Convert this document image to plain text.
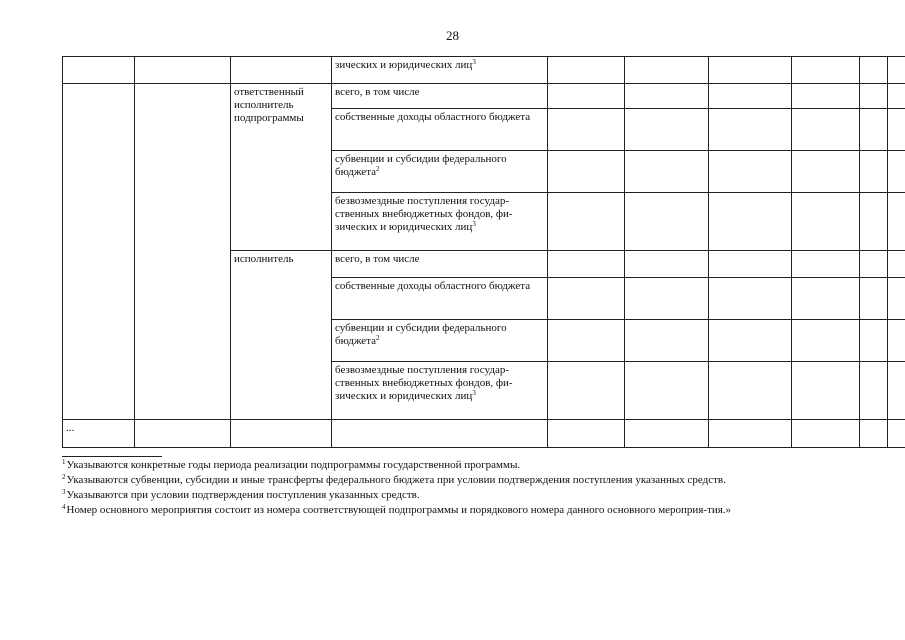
28
			зических и юридических лиц$^3$						
		ответственный исполнитель подпрограммы	всего, в том числе						
			собственные доходы областного бюджета						
			субвенции и субсидии федерального бюджета$^2$						
			безвозмездные поступления государ-ственных внебюджетных фондов, фи-зических и юридических лиц$^3$						
		исполнитель	всего, в том числе						
			собственные доходы областного бюджета						
			субвенции и субсидии федерального бюджета$^2$						
			безвозмездные поступления государ-ственных внебюджетных фондов, фи-зических и юридических лиц$^3$						
...									

$^1$Указываются конкретные годы периода реализации подпрограммы государственной программы.

$^2$Указываются субвенции, субсидии и иные трансферты федерального бюджета при условии подтверждения поступления указанных средств.

$^3$Указываются при условии подтверждения поступления указанных средств.

$^4$Номер основного мероприятия состоит из номера соответствующей подпрограммы и порядкового номера данного основного мероприя-тия.»
